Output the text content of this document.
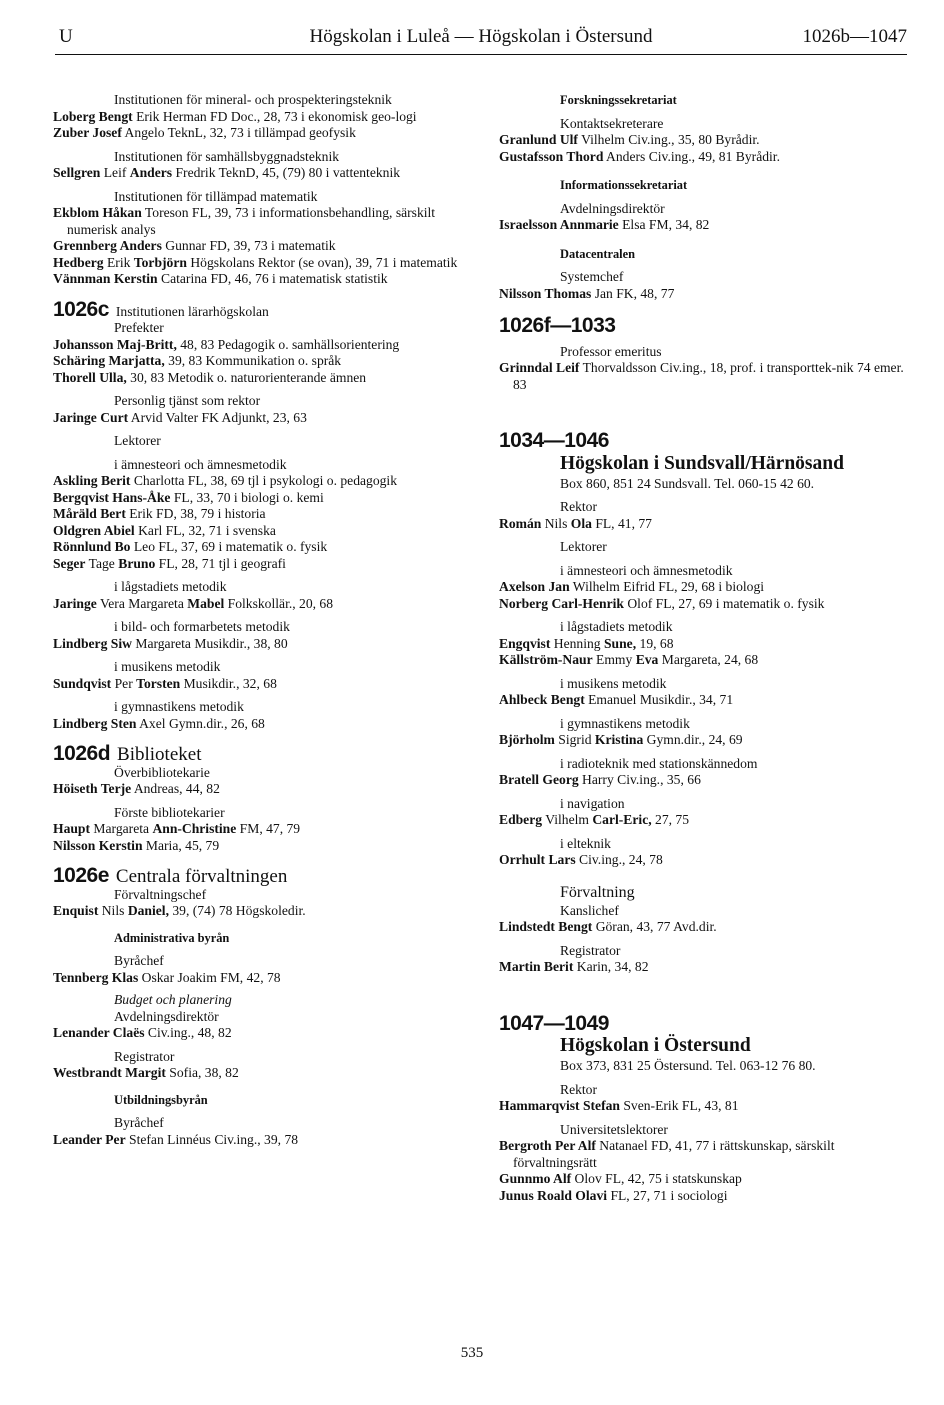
U	Högskolan i Luleå — Högskolan i Östersund	1026b—1047
Institutionen för mineral- och prospekteringsteknik
Loberg Bengt Erik Herman FD Doc., 28, 73 i ekonomisk geo-logi
Zuber Josef Angelo TeknL, 32, 73 i tillämpad geofysik
Institutionen för samhällsbyggnadsteknik
Sellgren Leif Anders Fredrik TeknD, 45, (79) 80 i vattenteknik
Institutionen för tillämpad matematik
Ekblom Håkan Toreson FL, 39, 73 i informationsbehandling, särskilt numerisk analys
Grennberg Anders Gunnar FD, 39, 73 i matematik
Hedberg Erik Torbjörn Högskolans Rektor (se ovan), 39, 71 i matematik
Vännman Kerstin Catarina FD, 46, 76 i matematisk statistik
1026c Institutionen lärarhögskolan
Prefekter
Johansson Maj-Britt, 48, 83 Pedagogik o. samhällsorientering
Schäring Marjatta, 39, 83 Kommunikation o. språk
Thorell Ulla, 30, 83 Metodik o. naturorienterande ämnen
Personlig tjänst som rektor
Jaringe Curt Arvid Valter FK Adjunkt, 23, 63
Lektorer
i ämnesteori och ämnesmetodik
Askling Berit Charlotta FL, 38, 69 tjl i psykologi o. pedagogik
Bergqvist Hans-Åke FL, 33, 70 i biologi o. kemi
Måräld Bert Erik FD, 38, 79 i historia
Oldgren Abiel Karl FL, 32, 71 i svenska
Rönnlund Bo Leo FL, 37, 69 i matematik o. fysik
Seger Tage Bruno FL, 28, 71 tjl i geografi
i lågstadiets metodik
Jaringe Vera Margareta Mabel Folkskollär., 20, 68
i bild- och formarbetets metodik
Lindberg Siw Margareta Musikdir., 38, 80
i musikens metodik
Sundqvist Per Torsten Musikdir., 32, 68
i gymnastikens metodik
Lindberg Sten Axel Gymn.dir., 26, 68
1026d Biblioteket
Överbibliotekarie
Höiseth Terje Andreas, 44, 82
Förste bibliotekarier
Haupt Margareta Ann-Christine FM, 47, 79
Nilsson Kerstin Maria, 45, 79
1026e Centrala förvaltningen
Förvaltningschef
Enquist Nils Daniel, 39, (74) 78 Högskoledir.
Administrativa byrån
Byråchef
Tennberg Klas Oskar Joakim FM, 42, 78
Budget och planering
Avdelningsdirektör
Lenander Claës Civ.ing., 48, 82
Registrator
Westbrandt Margit Sofia, 38, 82
Utbildningsbyrån
Byråchef
Leander Per Stefan Linnéus Civ.ing., 39, 78
Forskningssekretariat
Kontaktsekreterare
Granlund Ulf Vilhelm Civ.ing., 35, 80 Byrådir.
Gustafsson Thord Anders Civ.ing., 49, 81 Byrådir.
Informationssekretariat
Avdelningsdirektör
Israelsson Annmarie Elsa FM, 34, 82
Datacentralen
Systemchef
Nilsson Thomas Jan FK, 48, 77
1026f—1033
Professor emeritus
Grinndal Leif Thorvaldsson Civ.ing., 18, prof. i transporttek-nik 74 emer. 83
1034—1046
Högskolan i Sundsvall/Härnösand
Box 860, 851 24 Sundsvall. Tel. 060-15 42 60.
Rektor
Román Nils Ola FL, 41, 77
Lektorer
i ämnesteori och ämnesmetodik
Axelson Jan Wilhelm Eifrid FL, 29, 68 i biologi
Norberg Carl-Henrik Olof FL, 27, 69 i matematik o. fysik
i lågstadiets metodik
Engqvist Henning Sune, 19, 68
Källström-Naur Emmy Eva Margareta, 24, 68
i musikens metodik
Ahlbeck Bengt Emanuel Musikdir., 34, 71
i gymnastikens metodik
Björholm Sigrid Kristina Gymn.dir., 24, 69
i radioteknik med stationskännedom
Bratell Georg Harry Civ.ing., 35, 66
i navigation
Edberg Vilhelm Carl-Eric, 27, 75
i elteknik
Orrhult Lars Civ.ing., 24, 78
Förvaltning
Kanslichef
Lindstedt Bengt Göran, 43, 77 Avd.dir.
Registrator
Martin Berit Karin, 34, 82
1047—1049
Högskolan i Östersund
Box 373, 831 25 Östersund. Tel. 063-12 76 80.
Rektor
Hammarqvist Stefan Sven-Erik FL, 43, 81
Universitetslektorer
Bergroth Per Alf Natanael FD, 41, 77 i rättskunskap, särskilt förvaltningsrätt
Gunnmo Alf Olov FL, 42, 75 i statskunskap
Junus Roald Olavi FL, 27, 71 i sociologi
535
